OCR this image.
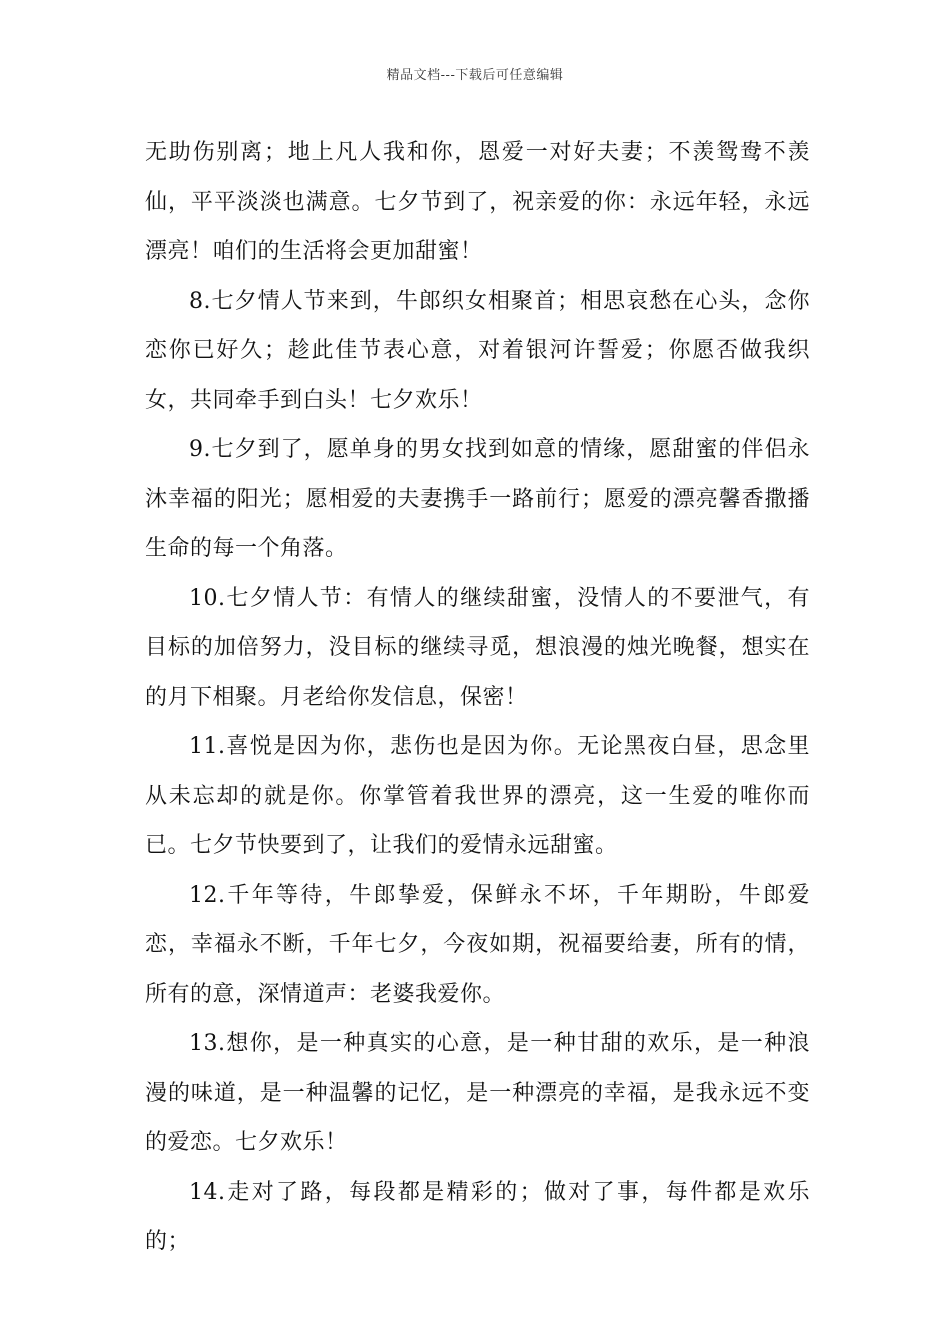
精品文档---下载后可任意编辑

无助伤别离；地上凡人我和你，恩爱一对好夫妻；不羡鸳鸯不羡仙，平平淡淡也满意。七夕节到了，祝亲爱的你：永远年轻，永远漂亮！咱们的生活将会更加甜蜜！

8.七夕情人节来到，牛郎织女相聚首；相思哀愁在心头，念你恋你已好久；趁此佳节表心意，对着银河许誓爱；你愿否做我织女，共同牵手到白头！七夕欢乐！

9.七夕到了，愿单身的男女找到如意的情缘，愿甜蜜的伴侣永沐幸福的阳光；愿相爱的夫妻携手一路前行；愿爱的漂亮馨香撒播生命的每一个角落。

10.七夕情人节：有情人的继续甜蜜，没情人的不要泄气，有目标的加倍努力，没目标的继续寻觅，想浪漫的烛光晚餐，想实在的月下相聚。月老给你发信息，保密！

11.喜悦是因为你，悲伤也是因为你。无论黑夜白昼，思念里从未忘却的就是你。你掌管着我世界的漂亮，这一生爱的唯你而已。七夕节快要到了，让我们的爱情永远甜蜜。

12.千年等待，牛郎挚爱，保鲜永不坏，千年期盼，牛郎爱恋，幸福永不断，千年七夕，今夜如期，祝福要给妻，所有的情，所有的意，深情道声：老婆我爱你。

13.想你，是一种真实的心意，是一种甘甜的欢乐，是一种浪漫的味道，是一种温馨的记忆，是一种漂亮的幸福，是我永远不变的爱恋。七夕欢乐！

14.走对了路，每段都是精彩的；做对了事，每件都是欢乐的；
